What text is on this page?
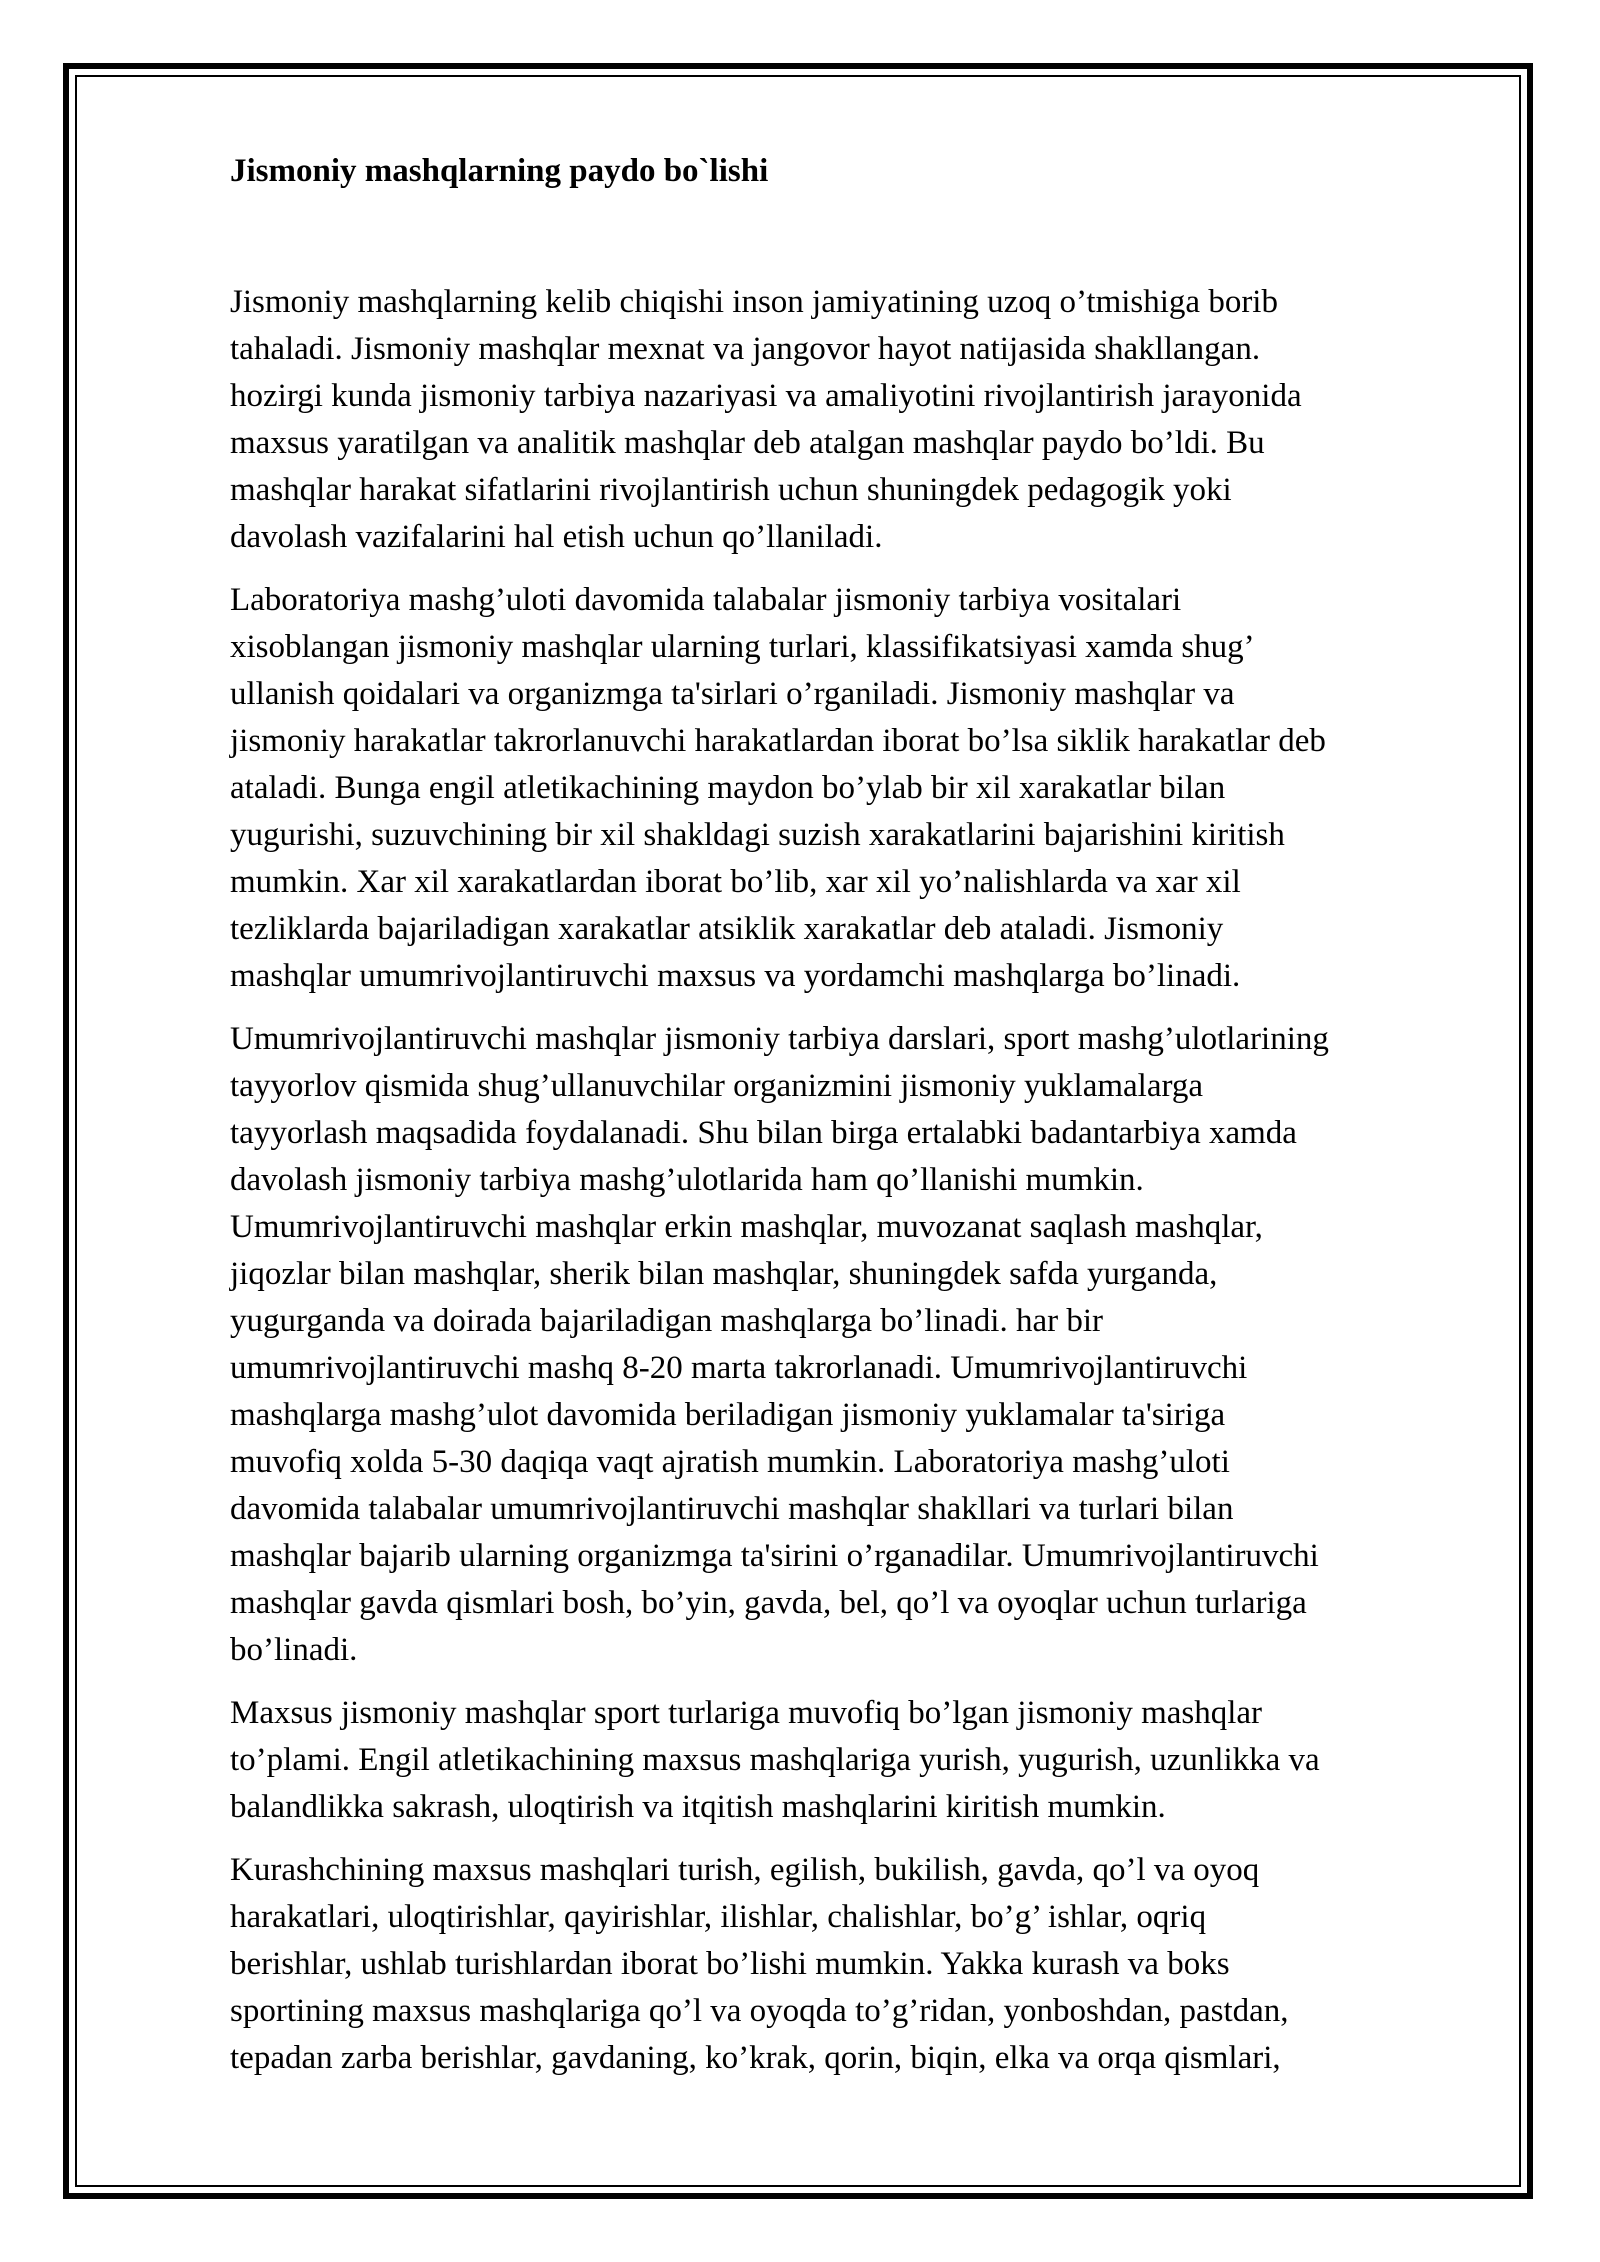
Jismoniy mashqlarning paydo bo`lishi

Jismoniy mashqlarning kelib chiqishi inson jamiyatining uzoq o’tmishiga borib
tahaladi. Jismoniy mashqlar mexnat va jangovor hayot natijasida shakllangan.
hozirgi kunda jismoniy tarbiya nazariyasi va amaliyotini rivojlantirish jarayonida
maxsus yaratilgan va analitik mashqlar deb atalgan mashqlar paydo bo’ldi. Bu
mashqlar harakat sifatlarini rivojlantirish uchun shuningdek pedagogik yoki
davolash vazifalarini hal etish uchun qo’llaniladi.

Laboratoriya mashg’uloti davomida talabalar jismoniy tarbiya vositalari
xisoblangan jismoniy mashqlar ularning turlari, klassifikatsiyasi xamda shug’
ullanish qoidalari va organizmga ta'sirlari o’rganiladi. Jismoniy mashqlar va
jismoniy harakatlar takrorlanuvchi harakatlardan iborat bo’lsa siklik harakatlar deb
ataladi. Bunga engil atletikachining maydon bo’ylab bir xil xarakatlar bilan
yugurishi, suzuvchining bir xil shakldagi suzish xarakatlarini bajarishini kiritish
mumkin. Xar xil xarakatlardan iborat bo’lib, xar xil yo’nalishlarda va xar xil
tezliklarda bajariladigan xarakatlar atsiklik xarakatlar deb ataladi. Jismoniy
mashqlar umumrivojlantiruvchi maxsus va yordamchi mashqlarga bo’linadi.

Umumrivojlantiruvchi mashqlar jismoniy tarbiya darslari, sport mashg’ulotlarining
tayyorlov qismida shug’ullanuvchilar organizmini jismoniy yuklamalarga
tayyorlash maqsadida foydalanadi. Shu bilan birga ertalabki badantarbiya xamda
davolash jismoniy tarbiya mashg’ulotlarida ham qo’llanishi mumkin.
Umumrivojlantiruvchi mashqlar erkin mashqlar, muvozanat saqlash mashqlar,
jiqozlar bilan mashqlar, sherik bilan mashqlar, shuningdek safda yurganda,
yugurganda va doirada bajariladigan mashqlarga bo’linadi. har bir
umumrivojlantiruvchi mashq 8-20 marta takrorlanadi. Umumrivojlantiruvchi
mashqlarga mashg’ulot davomida beriladigan jismoniy yuklamalar ta'siriga
muvofiq xolda 5-30 daqiqa vaqt ajratish mumkin. Laboratoriya mashg’uloti
davomida talabalar umumrivojlantiruvchi mashqlar shakllari va turlari bilan
mashqlar bajarib ularning organizmga ta'sirini o’rganadilar. Umumrivojlantiruvchi
mashqlar gavda qismlari bosh, bo’yin, gavda, bel, qo’l va oyoqlar uchun turlariga
bo’linadi.

Maxsus jismoniy mashqlar sport turlariga muvofiq bo’lgan jismoniy mashqlar
to’plami. Engil atletikachining maxsus mashqlariga yurish, yugurish, uzunlikka va
balandlikka sakrash, uloqtirish va itqitish mashqlarini kiritish mumkin.

Kurashchining maxsus mashqlari turish, egilish, bukilish, gavda, qo’l va oyoq
harakatlari, uloqtirishlar, qayirishlar, ilishlar, chalishlar, bo’g’ ishlar, oqriq
berishlar, ushlab turishlardan iborat bo’lishi mumkin. Yakka kurash va boks
sportining maxsus mashqlariga qo’l va oyoqda to’g’ridan, yonboshdan, pastdan,
tepadan zarba berishlar, gavdaning, ko’krak, qorin, biqin, elka va orqa qismlari,
